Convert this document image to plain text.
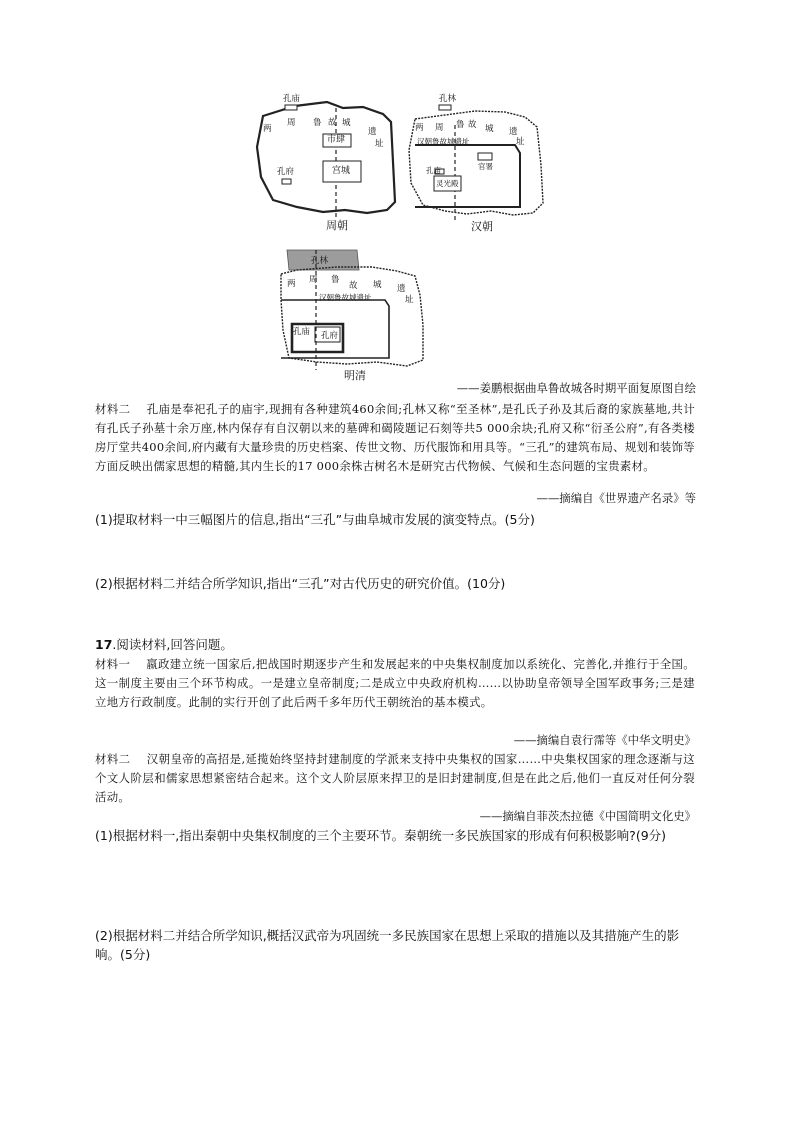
孔庙
两
周 鲁 故 城
遗
址
市肆
宫城
孔府
周朝
孔林
两 周 鲁 故 城 遗
址
汉朝鲁故城遗址
官署
孔庙
灵光殿
汉朝
孔林
两 周 鲁
故 城 遗
址
汉朝鲁故城遗址
孔庙 孔府
明清
——姜鹏根据曲阜鲁故城各时期平面复原图自绘

材料二 孔庙是奉祀孔子的庙宇,现拥有各种建筑460余间;孔林又称“至圣林”,是孔氏子孙及其后裔的家族墓地,共计有孔氏子孙墓十余万座,林内保存有自汉朝以来的墓碑和碣陵题记石刻等共5 000余块;孔府又称“衍圣公府”,有各类楼房厅堂共400余间,府内藏有大量珍贵的历史档案、传世文物、历代服饰和用具等。“三孔”的建筑布局、规划和装饰等方面反映出儒家思想的精髓,其内生长的17 000余株古树名木是研究古代物候、气候和生态问题的宝贵素材。

——摘编自《世界遗产名录》等
(1)提取材料一中三幅图片的信息,指出“三孔”与曲阜城市发展的演变特点。(5分)
(2)根据材料二并结合所学知识,指出“三孔”对古代历史的研究价值。(10分)
17.阅读材料,回答问题。

材料一 嬴政建立统一国家后,把战国时期逐步产生和发展起来的中央集权制度加以系统化、完善化,并推行于全国。这一制度主要由三个环节构成。一是建立皇帝制度;二是成立中央政府机构……以协助皇帝领导全国军政事务;三是建立地方行政制度。此制的实行开创了此后两千多年历代王朝统治的基本模式。

——摘编自袁行霈等《中华文明史》

材料二 汉朝皇帝的高招是,延揽始终坚持封建制度的学派来支持中央集权的国家……中央集权国家的理念逐渐与这个文人阶层和儒家思想紧密结合起来。这个文人阶层原来捍卫的是旧封建制度,但是在此之后,他们一直反对任何分裂活动。

——摘编自菲茨杰拉德《中国简明文化史》
(1)根据材料一,指出秦朝中央集权制度的三个主要环节。秦朝统一多民族国家的形成有何积极影响?(9分)
(2)根据材料二并结合所学知识,概括汉武帝为巩固统一多民族国家在思想上采取的措施以及其措施产生的影响。(5分)
